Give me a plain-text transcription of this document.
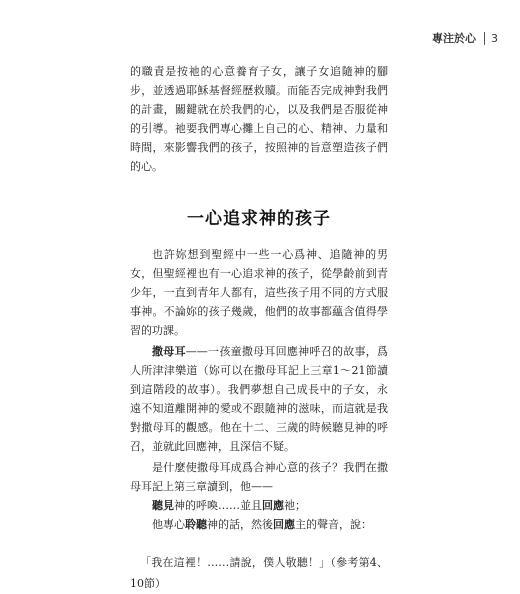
專注於心 3

的職責是按祂的心意養育子女，讓子女追隨神的腳步，並透過耶穌基督經歷救贖。而能否完成神對我們的計畫，關鍵就在於我們的心，以及我們是否服從神的引導。祂要我們專心攤上自己的心、精神、力量和時間，來影響我們的孩子，按照神的旨意塑造孩子們的心。

一心追求神的孩子

也許妳想到聖經中一些一心爲神、追隨神的男女，但聖經裡也有一心追求神的孩子，從學齡前到青少年，一直到青年人都有，這些孩子用不同的方式服事神。不論妳的孩子幾歲，他們的故事都蘊含值得學習的功課。

撒母耳——一孩童撒母耳回應神呼召的故事，爲人所津津樂道（妳可以在撒母耳記上三章1～21節讀到這階段的故事）。我們夢想自己成長中的子女，永遠不知道離開神的愛或不跟隨神的滋味，而這就是我對撒母耳的觀感。他在十二、三歲的時候聽見神的呼召，並就此回應神，且深信不疑。

是什麼使撒母耳成爲合神心意的孩子？我們在撒母耳記上第三章讀到，他——

聽見神的呼喚……並且回應祂；

他專心聆聽神的話，然後回應主的聲音，說：

「我在這裡！……請說，僕人敬聽！」（參考第4、10節）
